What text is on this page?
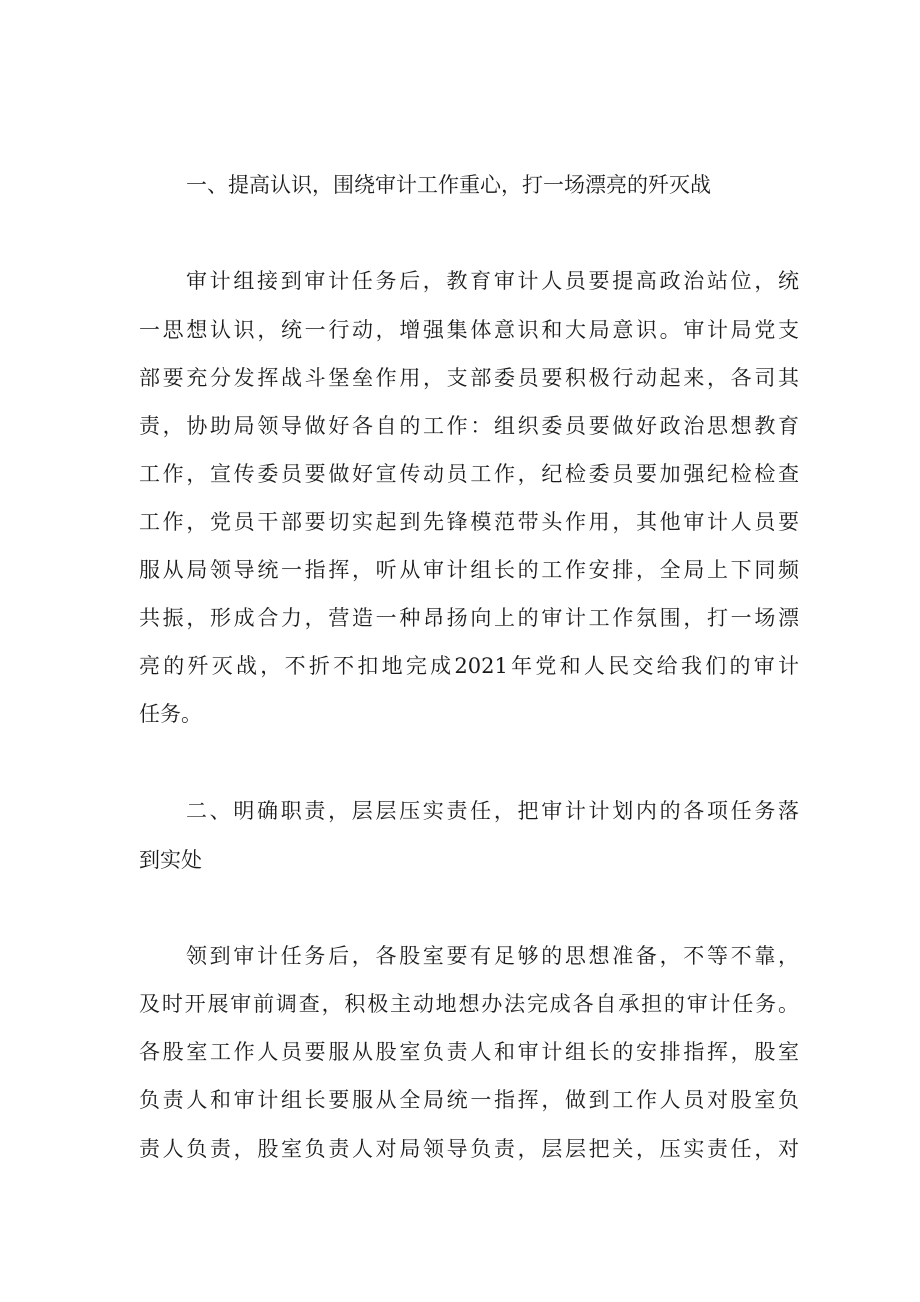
一、提高认识，围绕审计工作重心，打一场漂亮的歼灭战
审计组接到审计任务后，教育审计人员要提高政治站位，统
一思想认识，统一行动，增强集体意识和大局意识。审计局党支
部要充分发挥战斗堡垒作用，支部委员要积极行动起来，各司其
责，协助局领导做好各自的工作：组织委员要做好政治思想教育
工作，宣传委员要做好宣传动员工作，纪检委员要加强纪检检查
工作，党员干部要切实起到先锋模范带头作用，其他审计人员要
服从局领导统一指挥，听从审计组长的工作安排，全局上下同频
共振，形成合力，营造一种昂扬向上的审计工作氛围，打一场漂
亮的歼灭战，不折不扣地完成2021年党和人民交给我们的审计
任务。
二、明确职责，层层压实责任，把审计计划内的各项任务落
到实处
领到审计任务后，各股室要有足够的思想准备，不等不靠，
及时开展审前调查，积极主动地想办法完成各自承担的审计任务。
各股室工作人员要服从股室负责人和审计组长的安排指挥，股室
负责人和审计组长要服从全局统一指挥，做到工作人员对股室负
责人负责，股室负责人对局领导负责，层层把关，压实责任，对
